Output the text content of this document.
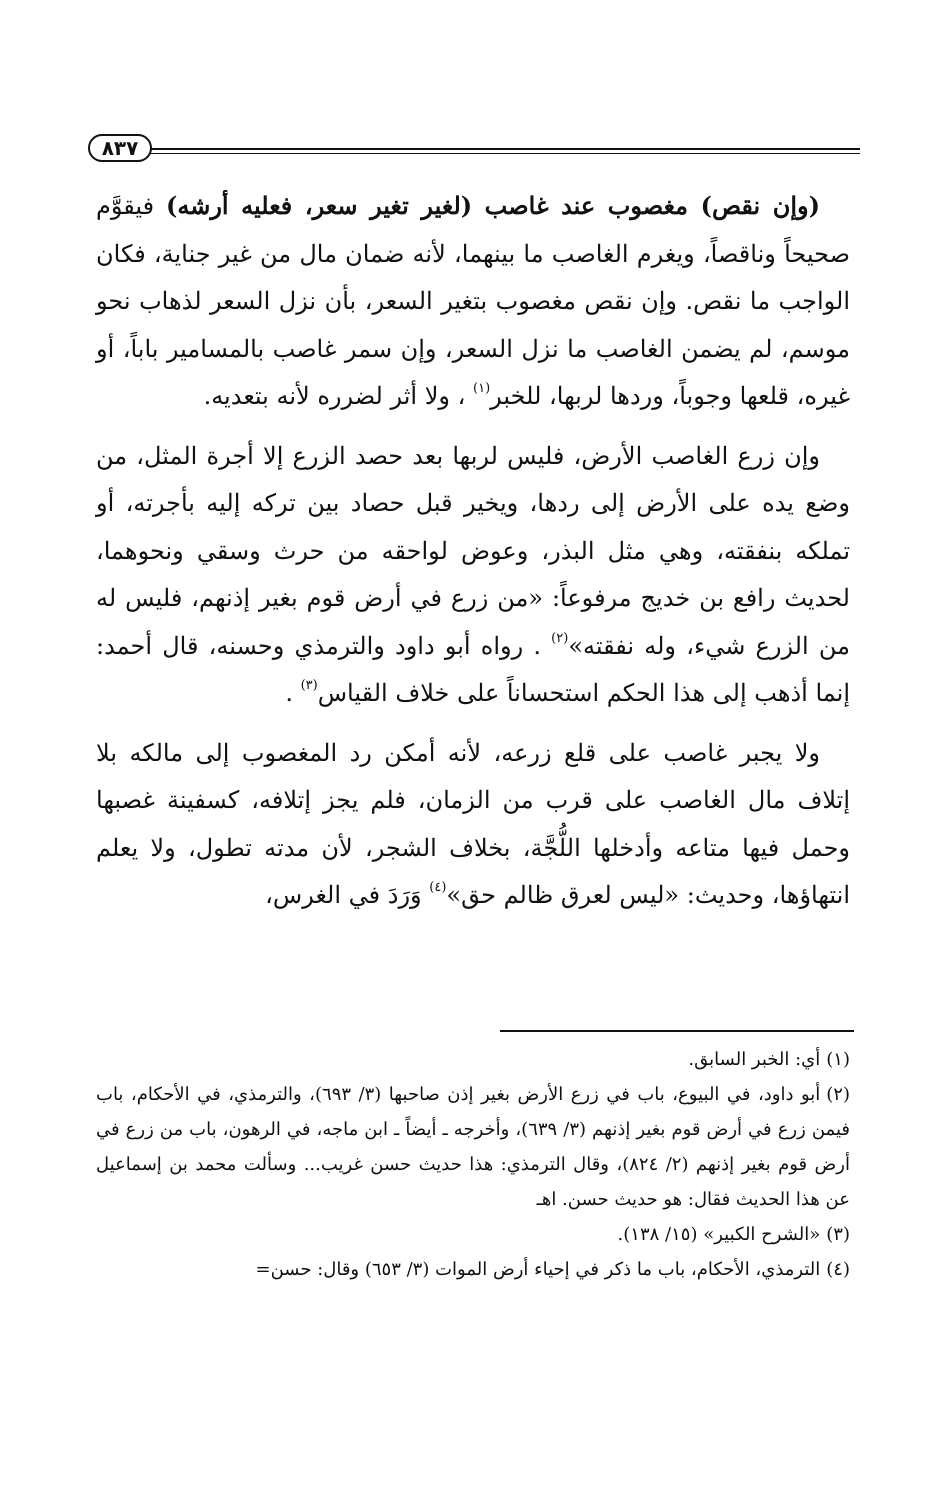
٨٣٧

(وإن نقص) مغصوب عند غاصب (لغير تغير سعر، فعليه أرشه) فيقوَّم صحيحاً وناقصاً، ويغرم الغاصب ما بينهما، لأنه ضمان مال من غير جناية، فكان الواجب ما نقص. وإن نقص مغصوب بتغير السعر، بأن نزل السعر لذهاب نحو موسم، لم يضمن الغاصب ما نزل السعر، وإن سمر غاصب بالمسامير باباً، أو غيره، قلعها وجوباً، وردها لربها، للخبر$^{(١)}$ ، ولا أثر لضرره لأنه بتعديه.

وإن زرع الغاصب الأرض، فليس لربها بعد حصد الزرع إلا أجرة المثل، من وضع يده على الأرض إلى ردها، ويخير قبل حصاد بين تركه إليه بأجرته، أو تملكه بنفقته، وهي مثل البذر، وعوض لواحقه من حرث وسقي ونحوهما، لحديث رافع بن خديج مرفوعاً: «من زرع في أرض قوم بغير إذنهم، فليس له من الزرع شيء، وله نفقته»$^{(٢)}$ . رواه أبو داود والترمذي وحسنه، قال أحمد: إنما أذهب إلى هذا الحكم استحساناً على خلاف القياس$^{(٣)}$ .

ولا يجبر غاصب على قلع زرعه، لأنه أمكن رد المغصوب إلى مالكه بلا إتلاف مال الغاصب على قرب من الزمان، فلم يجز إتلافه، كسفينة غصبها وحمل فيها متاعه وأدخلها اللُّجَّة، بخلاف الشجر، لأن مدته تطول، ولا يعلم انتهاؤها، وحديث: «ليس لعرق ظالم حق»$^{(٤)}$ وَرَدَ في الغرس،

(١)أي: الخبر السابق.

(٢)أبو داود، في البيوع، باب في زرع الأرض بغير إذن صاحبها (٣/ ٦٩٣)، والترمذي، في الأحكام، باب فيمن زرع في أرض قوم بغير إذنهم (٣/ ٦٣٩)، وأخرجه ـ أيضاً ـ ابن ماجه، في الرهون، باب من زرع في أرض قوم بغير إذنهم (٢/ ٨٢٤)، وقال الترمذي: هذا حديث حسن غريب... وسألت محمد بن إسماعيل عن هذا الحديث فقال: هو حديث حسن. اهـ

(٣)«الشرح الكبير» (١٥/ ١٣٨).

(٤)الترمذي، الأحكام، باب ما ذكر في إحياء أرض الموات (٣/ ٦٥٣) وقال: حسن=
